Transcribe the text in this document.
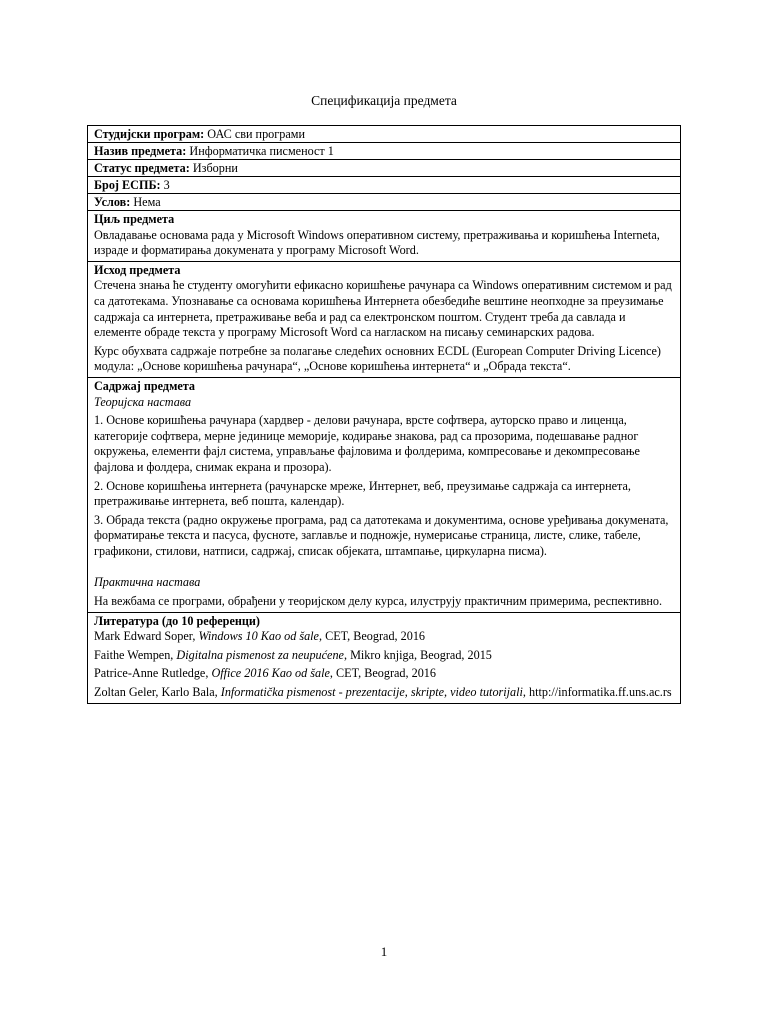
Спецификација предмета
Студијски програм: ОАС сви програми
Назив предмета: Информатичка писменост 1
Статус предмета: Изборни
Број ЕСПБ: 3
Услов: Нема

Циљ предмета

Овладавање основама рада у Microsoft Windows оперативном систему, претраживања и коришћења Interneta, израде и форматирања докумената у програму Microsoft Word.

Исход предмета

Стечена знања ће студенту омогућити ефикасно коришћење рачунара са Windows оперативним системом и рад са датотекама. Упознавање са основама коришћења Интернета обезбедиће вештине неопходне за преузимање садржаја са интернета, претраживање веба и рад са електронском поштом. Студент треба да савлада и елементе обраде текста у програму Microsoft Word са нагласком на писању семинарских радова.

Курс обухвата садржаје потребне за полагање следећих основних ECDL (European Computer Driving Licence) модула: „Основе коришћења рачунара“, „Основе коришћења интернета“ и „Обрада текста“.

Садржај предмета

Теоријска настава

1. Основе коришћења рачунара (хардвер - делови рачунара, врсте софтвера, ауторско право и лиценца, категорије софтвера, мерне јединице меморије, кодирање знакова, рад са прозорима, подешавање радног окружења, елементи фајл система, управљање фајловима и фолдерима, компресовање и декомпресовање фајлова и фолдера, снимак екрана и прозора).

2. Основе коришћења интернета (рачунарске мреже, Интернет, веб, преузимање садржаја са интернета, претраживање интернета, веб пошта, календар).

3. Обрада текста (радно окружење програма, рад са датотекама и документима, основе уређивања докумената, форматирање текста и пасуса, фусноте, заглавље и подножје, нумерисање страница, листе, слике, табеле, графикони, стилови, натписи, садржај, списак објеката, штампање, циркуларна писма).

Практична настава

На вежбама се програми, обрађени у теоријском делу курса, илуструју практичним примерима, респективно.

Литература (до 10 референци)

Mark Edward Soper, Windows 10 Kao od šale, CET, Beograd, 2016

Faithe Wempen, Digitalna pismenost za neupućene, Mikro knjiga, Beograd, 2015

Patrice-Anne Rutledge, Office 2016 Kao od šale, CET, Beograd, 2016

Zoltan Geler, Karlo Bala, Informatička pismenost - prezentacije, skripte, video tutorijali, http://informatika.ff.uns.ac.rs

1
